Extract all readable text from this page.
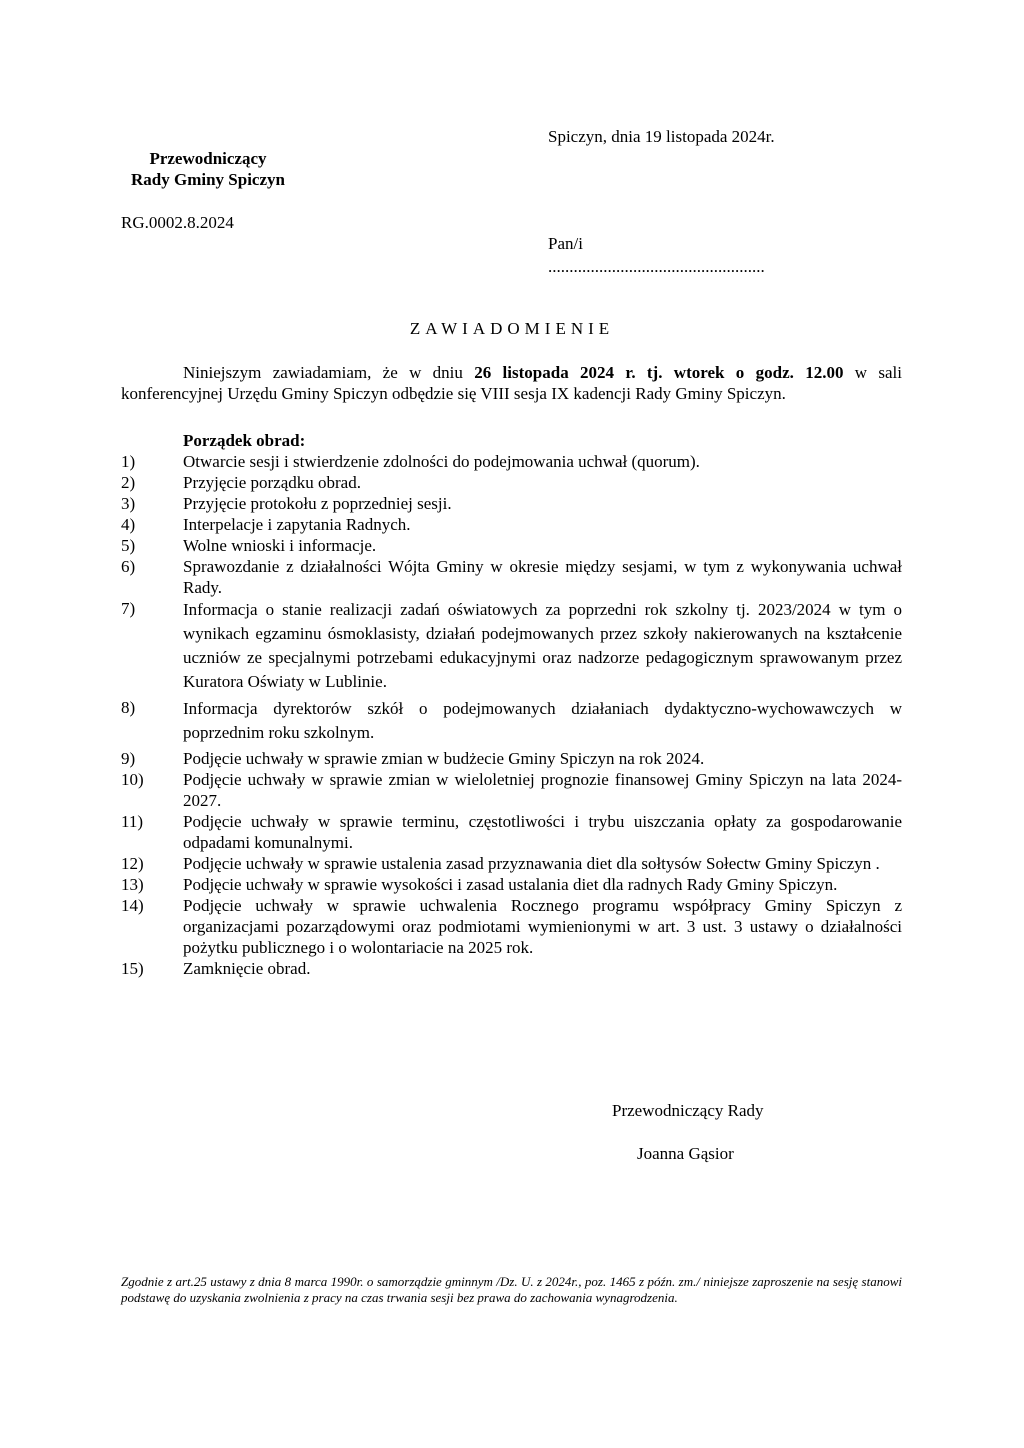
Spiczyn, dnia 19 listopada 2024r.
Przewodniczący
Rady Gminy Spiczyn
RG.0002.8.2024
Pan/i
...................................................
ZAWIADOMIENIE
Niniejszym zawiadamiam, że w dniu 26 listopada 2024 r. tj. wtorek o godz. 12.00 w sali konferencyjnej Urzędu Gminy Spiczyn odbędzie się VIII sesja IX kadencji Rady Gminy Spiczyn.
Porządek obrad:
1)	Otwarcie sesji i stwierdzenie zdolności do podejmowania uchwał (quorum).
2)	Przyjęcie porządku obrad.
3)	Przyjęcie protokołu z poprzedniej sesji.
4)	Interpelacje i zapytania Radnych.
5)	Wolne wnioski i informacje.
6)	Sprawozdanie z działalności Wójta Gminy w okresie między sesjami, w tym z wykonywania uchwał Rady.
7)	Informacja o stanie realizacji zadań oświatowych za poprzedni rok szkolny tj. 2023/2024 w tym o wynikach egzaminu ósmoklasisty, działań podejmowanych przez szkoły nakierowanych na kształcenie uczniów ze specjalnymi potrzebami edukacyjnymi oraz nadzorze pedagogicznym sprawowanym przez Kuratora Oświaty w Lublinie.
8)	Informacja dyrektorów szkół o podejmowanych działaniach dydaktyczno-wychowawczych w poprzednim roku szkolnym.
9)	Podjęcie uchwały w sprawie zmian w budżecie Gminy Spiczyn na rok 2024.
10) Podjęcie uchwały w sprawie zmian w wieloletniej prognozie finansowej Gminy Spiczyn na lata 2024-2027.
11) Podjęcie uchwały w sprawie terminu, częstotliwości i trybu uiszczania opłaty za gospodarowanie odpadami komunalnymi.
12) Podjęcie uchwały w sprawie ustalenia zasad przyznawania diet dla sołtysów Sołectw Gminy Spiczyn .
13) Podjęcie uchwały w sprawie wysokości i zasad ustalania diet dla radnych Rady Gminy Spiczyn.
14) Podjęcie uchwały w sprawie uchwalenia Rocznego programu współpracy Gminy Spiczyn z organizacjami pozarządowymi oraz podmiotami wymienionymi w art. 3 ust. 3 ustawy o działalności pożytku publicznego i o wolontariacie na 2025 rok.
15) Zamknięcie obrad.
Przewodniczący Rady
Joanna Gąsior
Zgodnie z art.25 ustawy z dnia 8 marca 1990r. o samorządzie gminnym /Dz. U. z 2024r., poz. 1465 z późn. zm./ niniejsze zaproszenie na sesję stanowi podstawę do uzyskania zwolnienia z pracy na czas trwania sesji bez prawa do zachowania wynagrodzenia.
